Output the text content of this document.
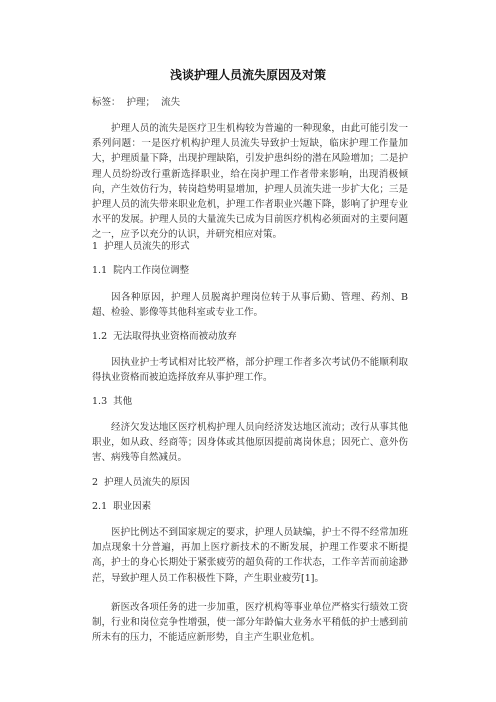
浅谈护理人员流失原因及对策
标签：  护理；  流失
护理人员的流失是医疗卫生机构较为普遍的一种现象，由此可能引发一系列问题：一是医疗机构护理人员流失导致护士短缺，临床护理工作量加大，护理质量下降，出现护理缺陷，引发护患纠纷的潜在风险增加；二是护理人员纷纷改行重新选择职业，给在岗护理工作者带来影响，出现消极倾向，产生效仿行为，转岗趋势明显增加，护理人员流失进一步扩大化；三是护理人员的流失带来职业危机，护理工作者职业兴趣下降，影响了护理专业水平的发展。护理人员的大量流失已成为目前医疗机构必须面对的主要问题之一，应予以充分的认识，并研究相应对策。
1  护理人员流失的形式
1.1  院内工作岗位调整
因各种原因，护理人员脱离护理岗位转于从事后勤、管理、药剂、B 超、检验、影像等其他科室或专业工作。
1.2  无法取得执业资格而被动放弃
因执业护士考试相对比较严格，部分护理工作者多次考试仍不能顺利取得执业资格而被迫选择放弃从事护理工作。
1.3  其他
经济欠发达地区医疗机构护理人员向经济发达地区流动；改行从事其他职业，如从政、经商等；因身体或其他原因提前离岗休息；因死亡、意外伤害、病残等自然减员。
2  护理人员流失的原因
2.1  职业因素
医护比例达不到国家规定的要求，护理人员缺编，护士不得不经常加班加点现象十分普遍，再加上医疗新技术的不断发展，护理工作要求不断提高，护士的身心长期处于紧张疲劳的超负荷的工作状态，工作辛苦而前途渺茫，导致护理人员工作积极性下降，产生职业疲劳[1]。
新医改各项任务的进一步加重，医疗机构等事业单位严格实行绩效工资制，行业和岗位竞争性增强，使一部分年龄偏大业务水平稍低的护士感到前所未有的压力，不能适应新形势，自主产生职业危机。
